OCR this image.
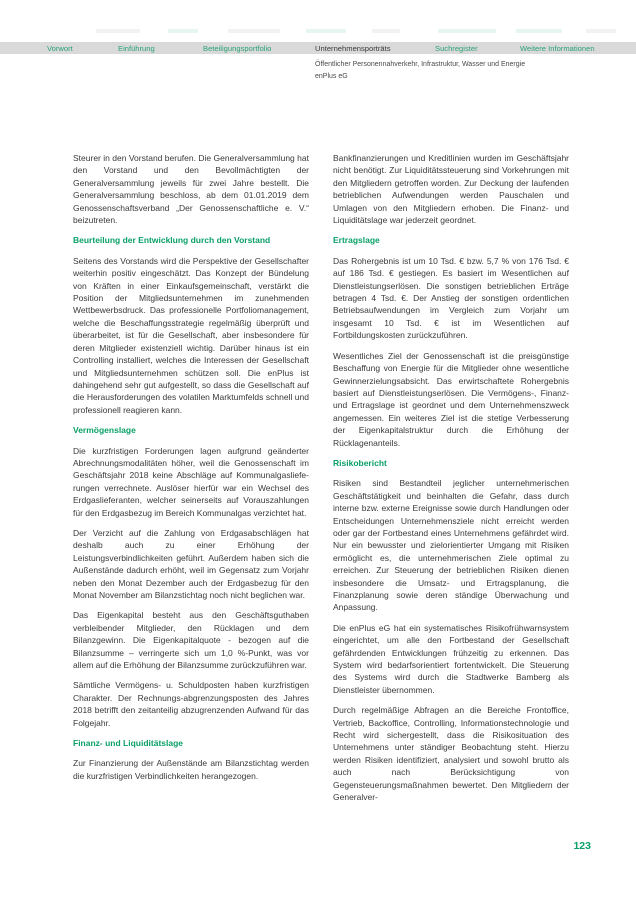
Vorwort	Einführung	Beteiligungsportfolio	Unternehmensporträts	Suchregister	Weitere Informationen
Öffentlicher Personennahverkehr, Infrastruktur, Wasser und Energie
enPlus eG
Steurer in den Vorstand berufen. Die Generalversammlung hat den Vorstand und den Bevollmächtigten der Generalversammlung jeweils für zwei Jahre bestellt. Die Generalversammlung beschloss, ab dem 01.01.2019 dem Genossenschaftsverband „Der Genossenschaftliche e. V.“ beizutreten.
Beurteilung der Entwicklung durch den Vorstand
Seitens des Vorstands wird die Perspektive der Gesellschafter weiterhin positiv eingeschätzt. Das Konzept der Bündelung von Kräften in einer Einkaufsgemeinschaft, verstärkt die Position der Mitgliedsunternehmen im zunehmenden Wettbewerbsdruck. Das professionelle Portfoliomanagement, welche die Beschaffungsstrategie regelmäßig überprüft und überarbeitet, ist für die Gesellschaft, aber insbesondere für deren Mitglieder existenziell wichtig. Darüber hinaus ist ein Controlling installiert, welches die Interessen der Gesellschaft und Mitgliedsunternehmen schützen soll. Die enPlus ist dahingehend sehr gut aufgestellt, so dass die Gesellschaft auf die Herausforderungen des volatilen Marktumfelds schnell und professionell reagieren kann.
Vermögenslage
Die kurzfristigen Forderungen lagen aufgrund geänderter Abrechnungsmodalitäten höher, weil die Genossenschaft im Geschäftsjahr 2018 keine Abschläge auf Kommunalgasliefe-rungen verrechnete. Auslöser hierfür war ein Wechsel des Erdgaslieferanten, welcher seinerseits auf Vorauszahlungen für den Erdgasbezug im Bereich Kommunalgas verzichtet hat.
Der Verzicht auf die Zahlung von Erdgasabschlägen hat deshalb auch zu einer Erhöhung der Leistungsverbindlichkeiten geführt. Außerdem haben sich die Außenstände dadurch erhöht, weil im Gegensatz zum Vorjahr neben den Monat Dezember auch der Erdgasbezug für den Monat November am Bilanzstichtag noch nicht beglichen war.
Das Eigenkapital besteht aus den Geschäftsguthaben verbleibender Mitglieder, den Rücklagen und dem Bilanzgewinn. Die Eigenkapitalquote - bezogen auf die Bilanzsumme – verringerte sich um 1,0 %-Punkt, was vor allem auf die Erhöhung der Bilanzsumme zurückzuführen war.
Sämtliche Vermögens- u. Schuldposten haben kurzfristigen Charakter. Der Rechnungs-abgrenzungsposten des Jahres 2018 betrifft den zeitanteilig abzugrenzenden Aufwand für das Folgejahr.
Finanz- und Liquiditätslage
Zur Finanzierung der Außenstände am Bilanzstichtag werden die kurzfristigen Verbindlichkeiten herangezogen.
Bankfinanzierungen und Kreditlinien wurden im Geschäftsjahr nicht benötigt. Zur Liquiditätssteuerung sind Vorkehrungen mit den Mitgliedern getroffen worden. Zur Deckung der laufenden betrieblichen Aufwendungen werden Pauschalen und Umlagen von den Mitgliedern erhoben. Die Finanz- und Liquiditätslage war jederzeit geordnet.
Ertragslage
Das Rohergebnis ist um 10 Tsd. € bzw. 5,7 % von 176 Tsd. € auf 186 Tsd. € gestiegen. Es basiert im Wesentlichen auf Dienstleistungserlösen. Die sonstigen betrieblichen Erträge betragen 4 Tsd. €. Der Anstieg der sonstigen ordentlichen Betriebsaufwendungen im Vergleich zum Vorjahr um insgesamt 10 Tsd. € ist im Wesentlichen auf Fortbildungskosten zurückzuführen.
Wesentliches Ziel der Genossenschaft ist die preisgünstige Beschaffung von Energie für die Mitglieder ohne wesentliche Gewinnerzielungsabsicht. Das erwirtschaftete Rohergebnis basiert auf Dienstleistungserlösen. Die Vermögens-, Finanz- und Ertragslage ist geordnet und dem Unternehmenszweck angemessen. Ein weiteres Ziel ist die stetige Verbesserung der Eigenkapitalstruktur durch die Erhöhung der Rücklagenanteils.
Risikobericht
Risiken sind Bestandteil jeglicher unternehmerischen Geschäftstätigkeit und beinhalten die Gefahr, dass durch interne bzw. externe Ereignisse sowie durch Handlungen oder Entscheidungen Unternehmensziele nicht erreicht werden oder gar der Fortbestand eines Unternehmens gefährdet wird. Nur ein bewusster und zielorientierter Umgang mit Risiken ermöglicht es, die unternehmerischen Ziele optimal zu erreichen. Zur Steuerung der betrieblichen Risiken dienen insbesondere die Umsatz- und Ertragsplanung, die Finanzplanung sowie deren ständige Überwachung und Anpassung.
Die enPlus eG hat ein systematisches Risikofrühwarnsystem eingerichtet, um alle den Fortbestand der Gesellschaft gefährdenden Entwicklungen frühzeitig zu erkennen. Das System wird bedarfsorientiert fortentwickelt. Die Steuerung des Systems wird durch die Stadtwerke Bamberg als Dienstleister übernommen.
Durch regelmäßige Abfragen an die Bereiche Frontoffice, Vertrieb, Backoffice, Controlling, Informationstechnologie und Recht wird sichergestellt, dass die Risikosituation des Unternehmens unter ständiger Beobachtung steht. Hierzu werden Risiken identifiziert, analysiert und sowohl brutto als auch nach Berücksichtigung von Gegensteuerungsmaßnahmen bewertet. Den Mitgliedern der Generalver-
123
